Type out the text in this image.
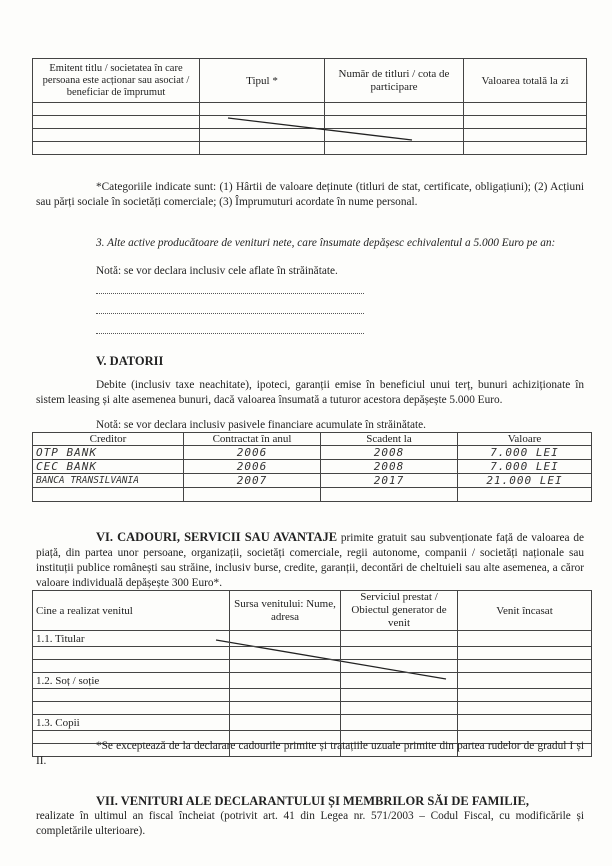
Emitent titlu / societatea în care persoana este acționar sau asociat / beneficiar de împrumut	Tipul *	Număr de titluri / cota de participare	Valoarea totală la zi

*Categoriile indicate sunt: (1) Hârtii de valoare deținute (titluri de stat, certificate, obligațiuni); (2) Acțiuni sau părți sociale în societăți comerciale; (3) Împrumuturi acordate în nume personal.
3. Alte active producătoare de venituri nete, care însumate depășesc echivalentul a 5.000 Euro pe an:
Notă: se vor declara inclusiv cele aflate în străinătate.
V. DATORII
Debite (inclusiv taxe neachitate), ipoteci, garanții emise în beneficiul unui terț, bunuri achiziționate în sistem leasing și alte asemenea bunuri, dacă valoarea însumată a tuturor acestora depășește 5.000 Euro.
Notă: se vor declara inclusiv pasivele financiare acumulate în străinătate.
Creditor	Contractat în anul	Scadent la	Valoare
OTP BANK	2006	2008	7.000 LEI
CEC BANK	2006	2008	7.000 LEI
BANCA TRANSILVANIA	2007	2017	21.000 LEI

VI. CADOURI, SERVICII SAU AVANTAJE primite gratuit sau subvenționate față de valoarea de piață, din partea unor persoane, organizații, societăți comerciale, regii autonome, companii / societăți naționale sau instituții publice românești sau străine, inclusiv burse, credite, garanții, decontări de cheltuieli sau alte asemenea, a căror valoare individuală depășește 300 Euro*.
Cine a realizat venitul	Sursa venitului: Nume, adresa	Serviciul prestat / Obiectul generator de venit	Venit încasat
1.1. Titular			

1.2. Soț / soție			

1.3. Copii			

*Se exceptează de la declarare cadourile primite și tratațiile uzuale primite din partea rudelor de gradul I și II.
VII. VENITURI ALE DECLARANTULUI ȘI MEMBRILOR SĂI DE FAMILIE,
realizate în ultimul an fiscal încheiat (potrivit art. 41 din Legea nr. 571/2003 – Codul Fiscal, cu modificările și completările ulterioare).
